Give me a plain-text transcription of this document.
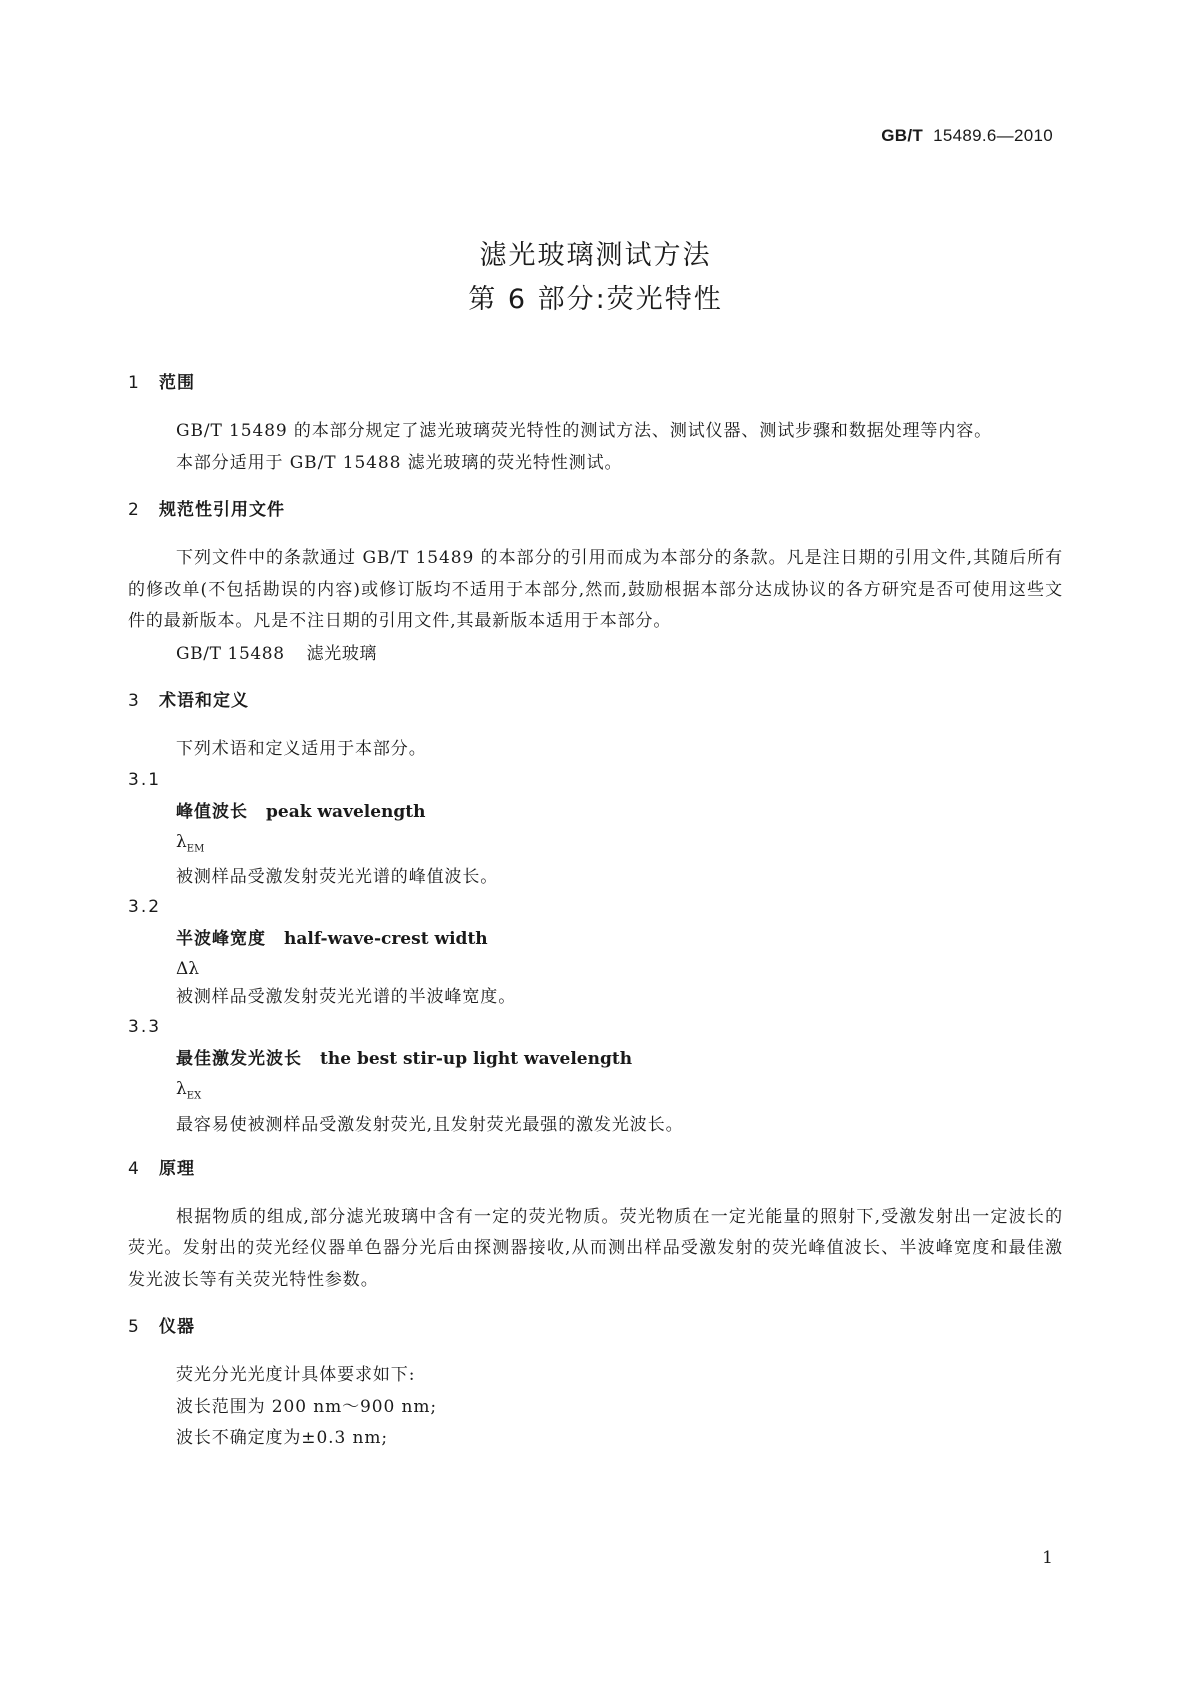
GB/T 15489.6—2010
滤光玻璃测试方法
第 6 部分:荧光特性
1 范围

GB/T 15489 的本部分规定了滤光玻璃荧光特性的测试方法、测试仪器、测试步骤和数据处理等内容。

本部分适用于 GB/T 15488 滤光玻璃的荧光特性测试。

2 规范性引用文件

下列文件中的条款通过 GB/T 15489 的本部分的引用而成为本部分的条款。凡是注日期的引用文件,其随后所有的修改单(不包括勘误的内容)或修订版均不适用于本部分,然而,鼓励根据本部分达成协议的各方研究是否可使用这些文件的最新版本。凡是不注日期的引用文件,其最新版本适用于本部分。

GB/T 15488 滤光玻璃
3 术语和定义

下列术语和定义适用于本部分。

3.1
峰值波长 peak wavelength
$\lambda_{EM}$
被测样品受激发射荧光光谱的峰值波长。
3.2
半波峰宽度 half-wave-crest width
Δλ
被测样品受激发射荧光光谱的半波峰宽度。
3.3
最佳激发光波长 the best stir-up light wavelength
$\lambda_{EX}$
最容易使被测样品受激发射荧光,且发射荧光最强的激发光波长。
4 原理

根据物质的组成,部分滤光玻璃中含有一定的荧光物质。荧光物质在一定光能量的照射下,受激发射出一定波长的荧光。发射出的荧光经仪器单色器分光后由探测器接收,从而测出样品受激发射的荧光峰值波长、半波峰宽度和最佳激发光波长等有关荧光特性参数。

5 仪器

荧光分光光度计具体要求如下:

波长范围为 200 nm～900 nm;

波长不确定度为±0.3 nm;

1
